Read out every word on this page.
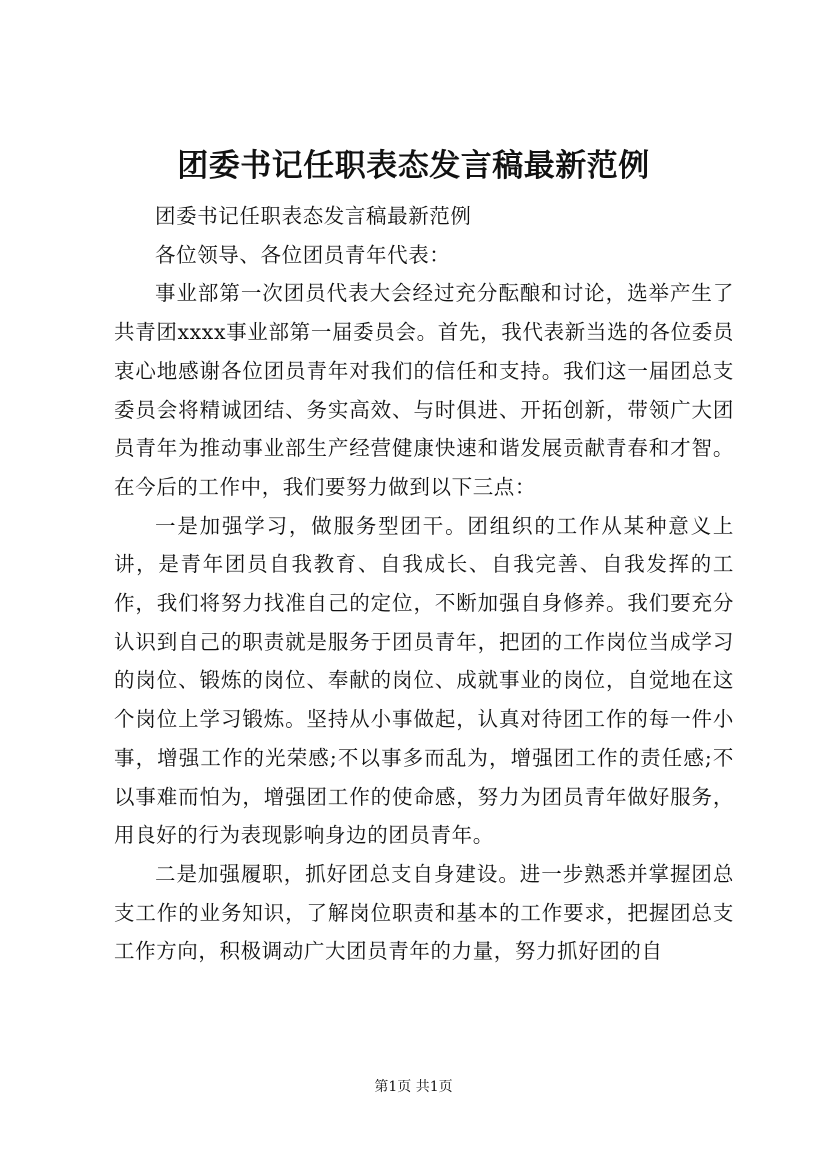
团委书记任职表态发言稿最新范例

团委书记任职表态发言稿最新范例

各位领导、各位团员青年代表：

事业部第一次团员代表大会经过充分酝酿和讨论，选举产生了共青团xxxx事业部第一届委员会。首先，我代表新当选的各位委员衷心地感谢各位团员青年对我们的信任和支持。我们这一届团总支委员会将精诚团结、务实高效、与时俱进、开拓创新，带领广大团员青年为推动事业部生产经营健康快速和谐发展贡献青春和才智。在今后的工作中，我们要努力做到以下三点：

一是加强学习，做服务型团干。团组织的工作从某种意义上讲，是青年团员自我教育、自我成长、自我完善、自我发挥的工作，我们将努力找准自己的定位，不断加强自身修养。我们要充分认识到自己的职责就是服务于团员青年，把团的工作岗位当成学习的岗位、锻炼的岗位、奉献的岗位、成就事业的岗位，自觉地在这个岗位上学习锻炼。坚持从小事做起，认真对待团工作的每一件小事，增强工作的光荣感;不以事多而乱为，增强团工作的责任感;不以事难而怕为，增强团工作的使命感，努力为团员青年做好服务，用良好的行为表现影响身边的团员青年。

二是加强履职，抓好团总支自身建设。进一步熟悉并掌握团总支工作的业务知识，了解岗位职责和基本的工作要求，把握团总支工作方向，积极调动广大团员青年的力量，努力抓好团的自

第1页 共1页
